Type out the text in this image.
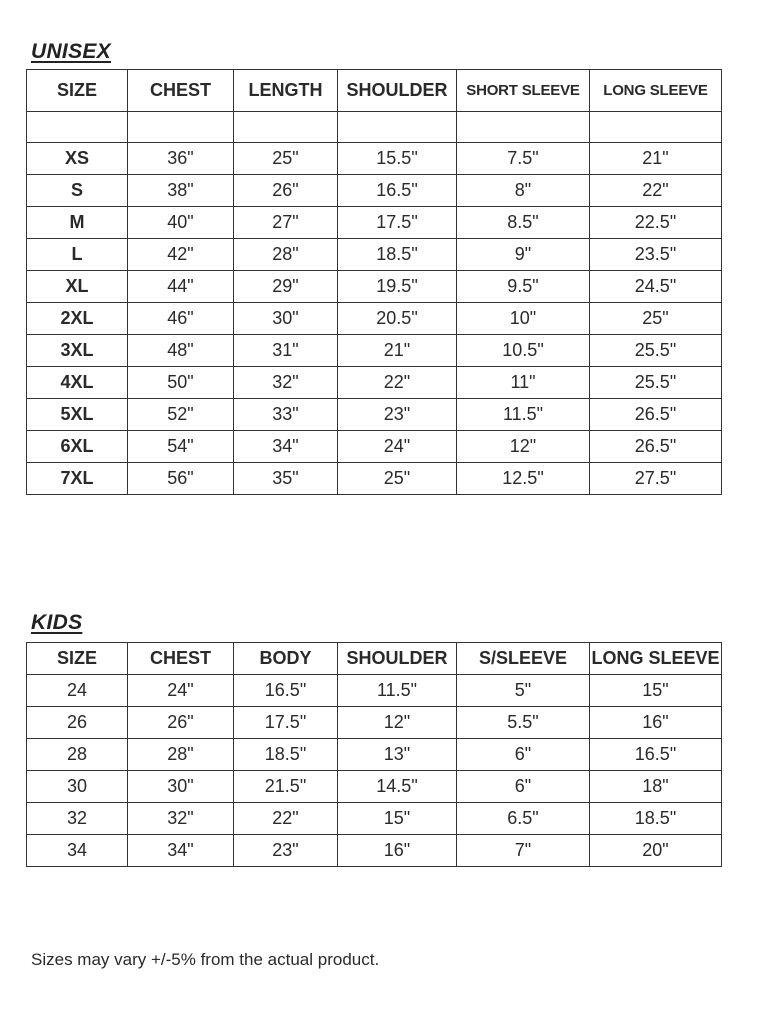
UNISEX
SIZE	CHEST	LENGTH	SHOULDER	SHORT SLEEVE	LONG SLEEVE

XS	36"	25"	15.5"	7.5"	21"
S	38"	26"	16.5"	8"	22"
M	40"	27"	17.5"	8.5"	22.5"
L	42"	28"	18.5"	9"	23.5"
XL	44"	29"	19.5"	9.5"	24.5"
2XL	46"	30"	20.5"	10"	25"
3XL	48"	31"	21"	10.5"	25.5"
4XL	50"	32"	22"	11"	25.5"
5XL	52"	33"	23"	11.5"	26.5"
6XL	54"	34"	24"	12"	26.5"
7XL	56"	35"	25"	12.5"	27.5"
KIDS
SIZE	CHEST	BODY	SHOULDER	S/SLEEVE	LONG SLEEVE
24	24"	16.5"	11.5"	5"	15"
26	26"	17.5"	12"	5.5"	16"
28	28"	18.5"	13"	6"	16.5"
30	30"	21.5"	14.5"	6"	18"
32	32"	22"	15"	6.5"	18.5"
34	34"	23"	16"	7"	20"
Sizes may vary +/-5% from the actual product.
